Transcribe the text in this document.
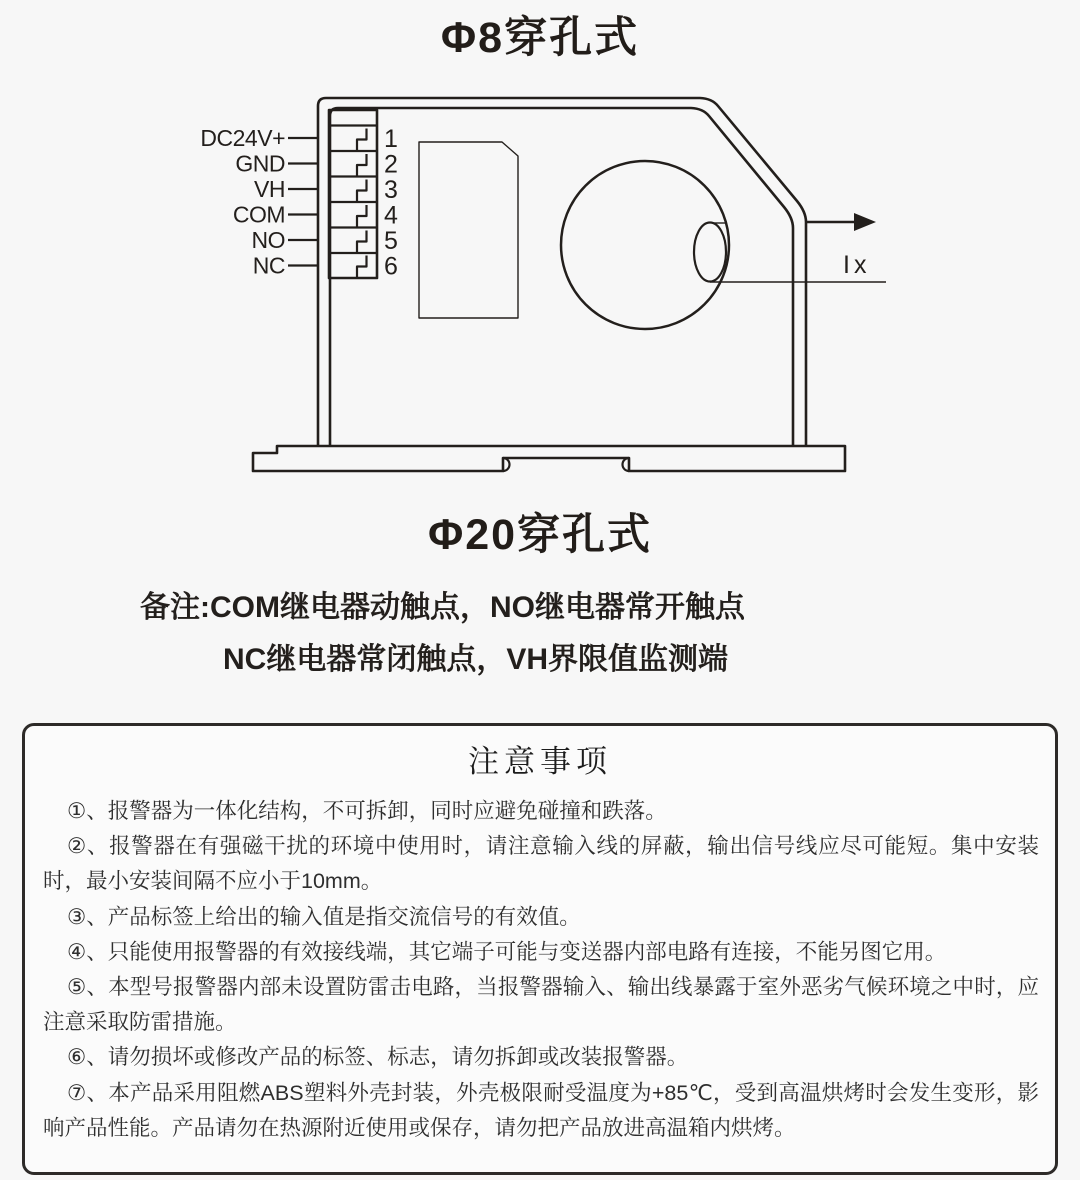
Φ8穿孔式
DC24V+
GND
VH
COM
NO
NC
1
2
3
4
5
6	Ix
Φ20穿孔式
备注:COM继电器动触点，NO继电器常开触点
NC继电器常闭触点，VH界限值监测端
注意事项

①、报警器为一体化结构，不可拆卸，同时应避免碰撞和跌落。

②、报警器在有强磁干扰的环境中使用时，请注意输入线的屏蔽，输出信号线应尽可能短。集中安装时，最小安装间隔不应小于10mm。

③、产品标签上给出的输入值是指交流信号的有效值。

④、只能使用报警器的有效接线端，其它端子可能与变送器内部电路有连接，不能另图它用。

⑤、本型号报警器内部未设置防雷击电路，当报警器输入、输出线暴露于室外恶劣气候环境之中时，应注意采取防雷措施。

⑥、请勿损坏或修改产品的标签、标志，请勿拆卸或改装报警器。

⑦、本产品采用阻燃ABS塑料外壳封装，外壳极限耐受温度为+85℃，受到高温烘烤时会发生变形，影响产品性能。产品请勿在热源附近使用或保存，请勿把产品放进高温箱内烘烤。
